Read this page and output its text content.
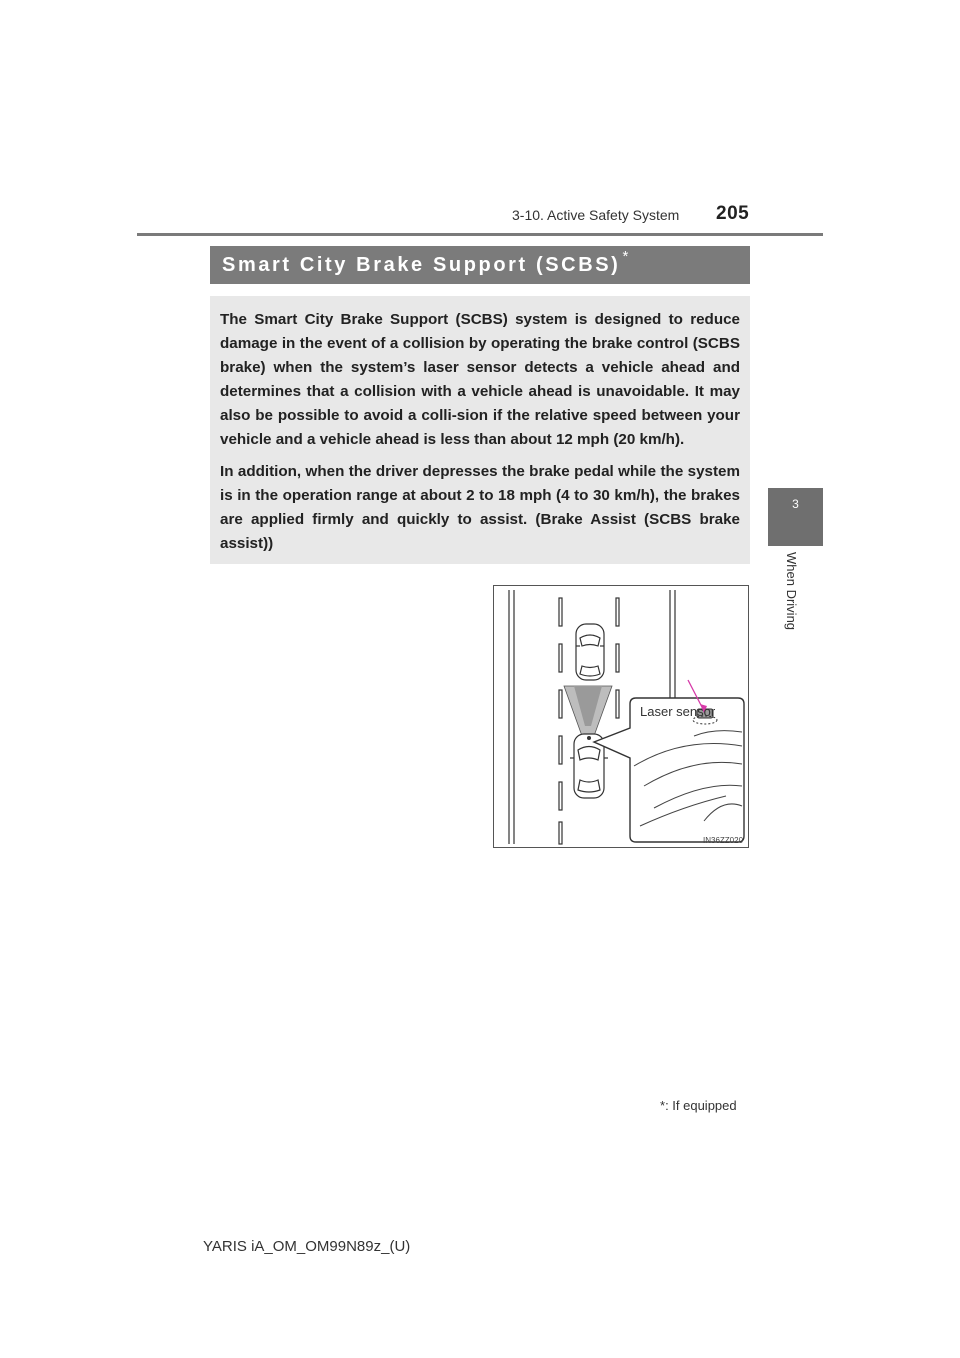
3-10. Active Safety System 205
3
When Driving
Smart City Brake Support (SCBS) *

The Smart City Brake Support (SCBS) system is designed to reduce damage in the event of a collision by operating the brake control (SCBS brake) when the system’s laser sensor detects a vehicle ahead and determines that a collision with a vehicle ahead is unavoidable. It may also be possible to avoid a colli-sion if the relative speed between your vehicle and a vehicle ahead is less than about 12 mph (20 km/h).

In addition, when the driver depresses the brake pedal while the system is in the operation range at about 2 to 18 mph (4 to 30 km/h), the brakes are applied firmly and quickly to assist. (Brake Assist (SCBS brake assist))

Laser sensor
IN36ZZ020
*: If equipped
YARIS iA_OM_OM99N89z_(U)
